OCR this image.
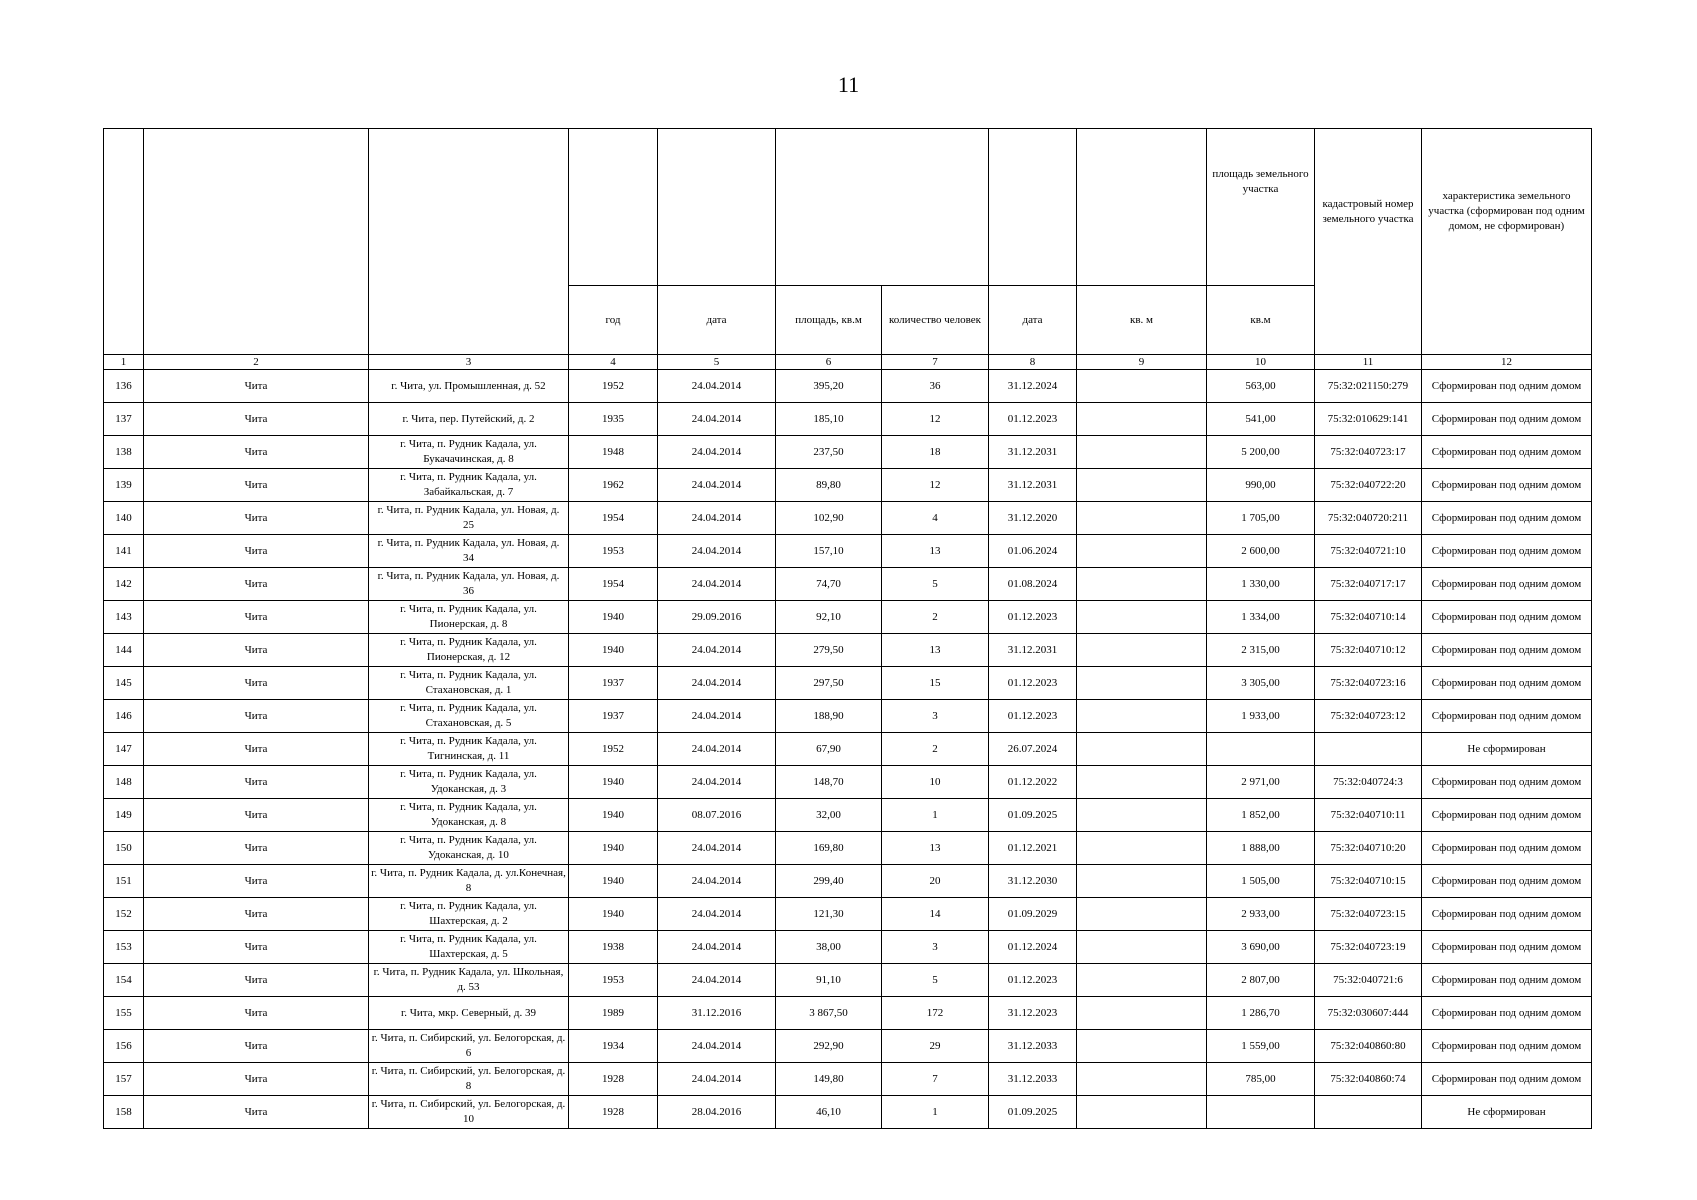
11
									площадь земельного участка	кадастровый номер земельного участка	характеристика земельного участка (сформирован под одним домом, не сформирован)
			год	дата	площадь, кв.м	количество человек	дата	кв. м	кв.м		
1	2	3	4	5	6	7	8	9	10	11	12
136	Чита	г. Чита, ул. Промышленная, д. 52	1952	24.04.2014	395,20	36	31.12.2024		563,00	75:32:021150:279	Сформирован под одним домом
137	Чита	г. Чита, пер. Путейский, д. 2	1935	24.04.2014	185,10	12	01.12.2023		541,00	75:32:010629:141	Сформирован под одним домом
138	Чита	г. Чита, п. Рудник Кадала, ул. Букачачинская, д. 8	1948	24.04.2014	237,50	18	31.12.2031		5 200,00	75:32:040723:17	Сформирован под одним домом
139	Чита	г. Чита, п. Рудник Кадала, ул. Забайкальская, д. 7	1962	24.04.2014	89,80	12	31.12.2031		990,00	75:32:040722:20	Сформирован под одним домом
140	Чита	г. Чита, п. Рудник Кадала, ул. Новая, д. 25	1954	24.04.2014	102,90	4	31.12.2020		1 705,00	75:32:040720:211	Сформирован под одним домом
141	Чита	г. Чита, п. Рудник Кадала, ул. Новая, д. 34	1953	24.04.2014	157,10	13	01.06.2024		2 600,00	75:32:040721:10	Сформирован под одним домом
142	Чита	г. Чита, п. Рудник Кадала, ул. Новая, д. 36	1954	24.04.2014	74,70	5	01.08.2024		1 330,00	75:32:040717:17	Сформирован под одним домом
143	Чита	г. Чита, п. Рудник Кадала, ул. Пионерская, д. 8	1940	29.09.2016	92,10	2	01.12.2023		1 334,00	75:32:040710:14	Сформирован под одним домом
144	Чита	г. Чита, п. Рудник Кадала, ул. Пионерская, д. 12	1940	24.04.2014	279,50	13	31.12.2031		2 315,00	75:32:040710:12	Сформирован под одним домом
145	Чита	г. Чита, п. Рудник Кадала, ул. Стахановская, д. 1	1937	24.04.2014	297,50	15	01.12.2023		3 305,00	75:32:040723:16	Сформирован под одним домом
146	Чита	г. Чита, п. Рудник Кадала, ул. Стахановская, д. 5	1937	24.04.2014	188,90	3	01.12.2023		1 933,00	75:32:040723:12	Сформирован под одним домом
147	Чита	г. Чита, п. Рудник Кадала, ул. Тигнинская, д. 11	1952	24.04.2014	67,90	2	26.07.2024				Не сформирован
148	Чита	г. Чита, п. Рудник Кадала, ул. Удоканская, д. 3	1940	24.04.2014	148,70	10	01.12.2022		2 971,00	75:32:040724:3	Сформирован под одним домом
149	Чита	г. Чита, п. Рудник Кадала, ул. Удоканская, д. 8	1940	08.07.2016	32,00	1	01.09.2025		1 852,00	75:32:040710:11	Сформирован под одним домом
150	Чита	г. Чита, п. Рудник Кадала, ул. Удоканская, д. 10	1940	24.04.2014	169,80	13	01.12.2021		1 888,00	75:32:040710:20	Сформирован под одним домом
151	Чита	г. Чита, п. Рудник Кадала, д. ул.Конечная, 8	1940	24.04.2014	299,40	20	31.12.2030		1 505,00	75:32:040710:15	Сформирован под одним домом
152	Чита	г. Чита, п. Рудник Кадала, ул. Шахтерская, д. 2	1940	24.04.2014	121,30	14	01.09.2029		2 933,00	75:32:040723:15	Сформирован под одним домом
153	Чита	г. Чита, п. Рудник Кадала, ул. Шахтерская, д. 5	1938	24.04.2014	38,00	3	01.12.2024		3 690,00	75:32:040723:19	Сформирован под одним домом
154	Чита	г. Чита, п. Рудник Кадала, ул. Школьная, д. 53	1953	24.04.2014	91,10	5	01.12.2023		2 807,00	75:32:040721:6	Сформирован под одним домом
155	Чита	г. Чита, мкр. Северный, д. 39	1989	31.12.2016	3 867,50	172	31.12.2023		1 286,70	75:32:030607:444	Сформирован под одним домом
156	Чита	г. Чита, п. Сибирский, ул. Белогорская, д. 6	1934	24.04.2014	292,90	29	31.12.2033		1 559,00	75:32:040860:80	Сформирован под одним домом
157	Чита	г. Чита, п. Сибирский, ул. Белогорская, д. 8	1928	24.04.2014	149,80	7	31.12.2033		785,00	75:32:040860:74	Сформирован под одним домом
158	Чита	г. Чита, п. Сибирский, ул. Белогорская, д. 10	1928	28.04.2016	46,10	1	01.09.2025				Не сформирован
